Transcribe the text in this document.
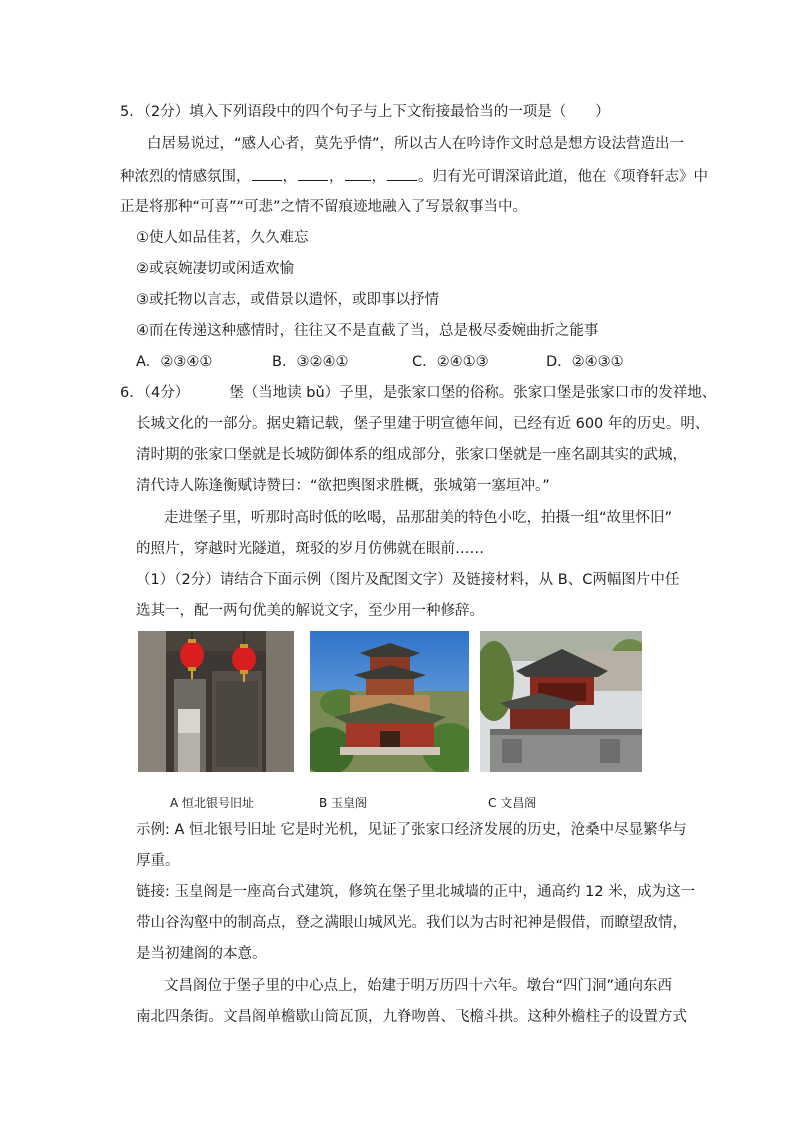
5．（2分）填入下列语段中的四个句子与上下文衔接最恰当的一项是（　　）
白居易说过，“感人心者，莫先乎情”，所以古人在吟诗作文时总是想方设法营造出一
种浓烈的情感氛围， ， ， ， 。归有光可谓深谙此道，他在《项脊轩志》中
正是将那种“可喜”“可悲”之情不留痕迹地融入了写景叙事当中。
①使人如品佳茗，久久难忘
②或哀婉凄切或闲适欢愉
③或托物以言志，或借景以遣怀，或即事以抒情
④而在传递这种感情时，往往又不是直截了当，总是极尽委婉曲折之能事
A．②③④①	B．③②④①	C．②④①③	D．②④③①
6．（4分）	堡（当地读 bǔ）子里，是张家口堡的俗称。张家口堡是张家口市的发祥地、
长城文化的一部分。据史籍记载，堡子里建于明宣德年间，已经有近 600 年的历史。明、
清时期的张家口堡就是长城防御体系的组成部分，张家口堡就是一座名副其实的武城，
清代诗人陈逢衡赋诗赞曰：“欲把舆图求胜概，张城第一塞垣冲。”
走进堡子里，听那时高时低的吆喝，品那甜美的特色小吃，拍摄一组“故里怀旧”
的照片，穿越时光隧道，斑驳的岁月仿佛就在眼前……
（1）（2分）请结合下面示例（图片及配图文字）及链接材料，从 B、C两幅图片中任
选其一，配一两句优美的解说文字，至少用一种修辞。
A 恒北银号旧址	B 玉皇阁	C 文昌阁
示例: A 恒北银号旧址 它是时光机，见证了张家口经济发展的历史，沧桑中尽显繁华与
厚重。
链接: 玉皇阁是一座高台式建筑，修筑在堡子里北城墙的正中，通高约 12 米，成为这一
带山谷沟壑中的制高点，登之满眼山城风光。我们以为古时祀神是假借，而瞭望敌情，
是当初建阁的本意。
文昌阁位于堡子里的中心点上，始建于明万历四十六年。墩台“四门洞”通向东西
南北四条街。文昌阁单檐歇山筒瓦顶，九脊吻兽、飞檐斗拱。这种外檐柱子的设置方式
